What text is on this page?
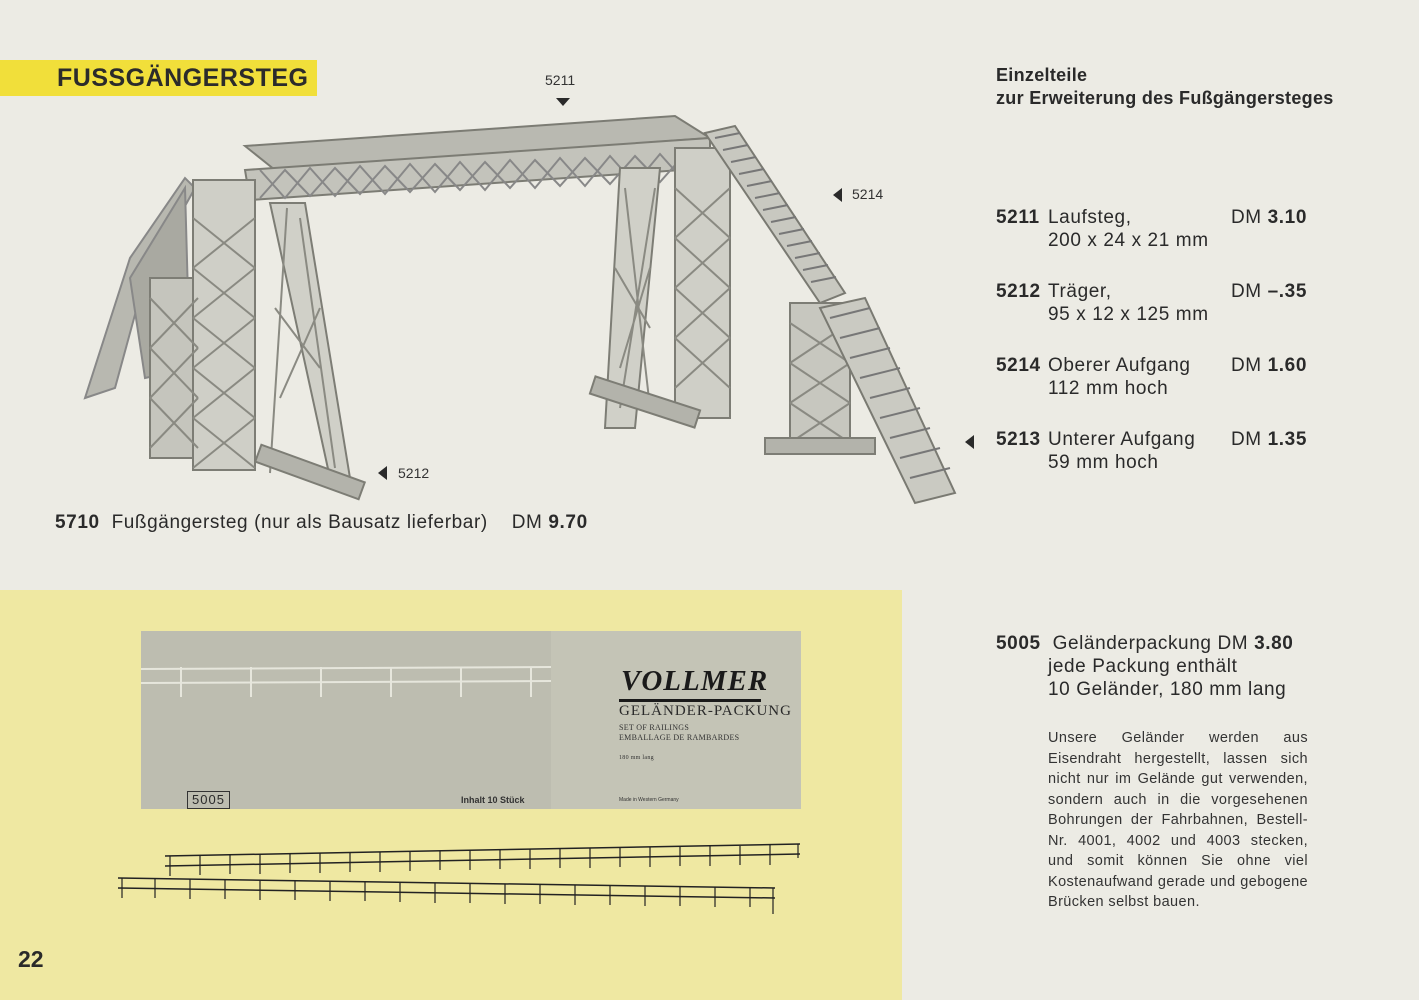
FUSSGÄNGERSTEG	5211
5214
5212
5710 Fußgängersteg (nur als Bausatz lieferbar) DM 9.70
Einzelteile
zur Erweiterung des Fußgängersteges
5211 Laufsteg,
200 x 24 x 21 mm
DM 3.10
5212 Träger,
95 x 12 x 125 mm
DM –.35
5214 Oberer Aufgang
112 mm hoch
DM 1.60
5213 Unterer Aufgang
59 mm hoch
DM 1.35
VOLLMER
GELÄNDER-PACKUNG
SET OF RAILINGS
EMBALLAGE DE RAMBARDES
180 mm lang
5005	Inhalt 10 Stück	Made in Western Germany
22
5005 Geländerpackung DM 3.80
jede Packung enthält
10 Geländer, 180 mm lang
Unsere Geländer werden aus Eisendraht hergestellt, lassen sich nicht nur im Gelände gut verwenden, sondern auch in die vorgesehenen Bohrungen der Fahrbahnen, Bestell-Nr. 4001, 4002 und 4003 stecken, und somit können Sie ohne viel Kostenaufwand gerade und gebogene Brücken selbst bauen.
